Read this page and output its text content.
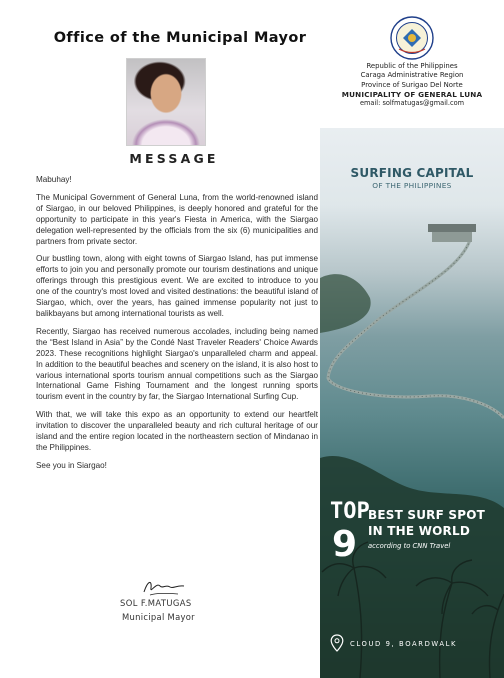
Office of the Municipal Mayor
MESSAGE

Mabuhay!

The Municipal Government of General Luna, from the world-renowned island of Siargao, in our beloved Philippines, is deeply honored and grateful for the opportunity to participate in this year's Fiesta in America, with the Siargao delegation well-represented by the officials from the six (6) municipalities and partners from private sector.

Our bustling town, along with eight towns of Siargao Island, has put immense efforts to join you and personally promote our tourism destinations and unique offerings through this prestigious event. We are excited to introduce to you one of the country's most loved and visited destinations: the beautiful island of Siargao, which, over the years, has gained immense popularity not just to balikbayans but among international tourists as well.

Recently, Siargao has received numerous accolades, including being named the “Best Island in Asia” by the Condé Nast Traveler Readers' Choice Awards 2023. These recognitions highlight Siargao's unparalleled charm and appeal. In addition to the beautiful beaches and scenery on the island, it is also host to various international sports tourism annual competitions such as the Siargao International Game Fishing Tournament and the longest running sports tourism event in the country by far, the Siargao International Surfing Cup.

With that, we will take this expo as an opportunity to extend our heartfelt invitation to discover the unparalleled beauty and rich cultural heritage of our island and the entire region located in the northeastern section of Mindanao in the Philippines.

See you in Siargao!

SOL F.MATUGAS
Municipal Mayor
Republic of the Philippines
Caraga Administrative Region
Province of Surigao Del Norte
MUNICIPALITY OF GENERAL LUNA
email: solfmatugas@gmail.com
SURFING CAPITAL
OF THE PHILIPPINES
TOP
9
BEST SURF SPOT
IN THE WORLD
according to CNN Travel
CLOUD 9, BOARDWALK
